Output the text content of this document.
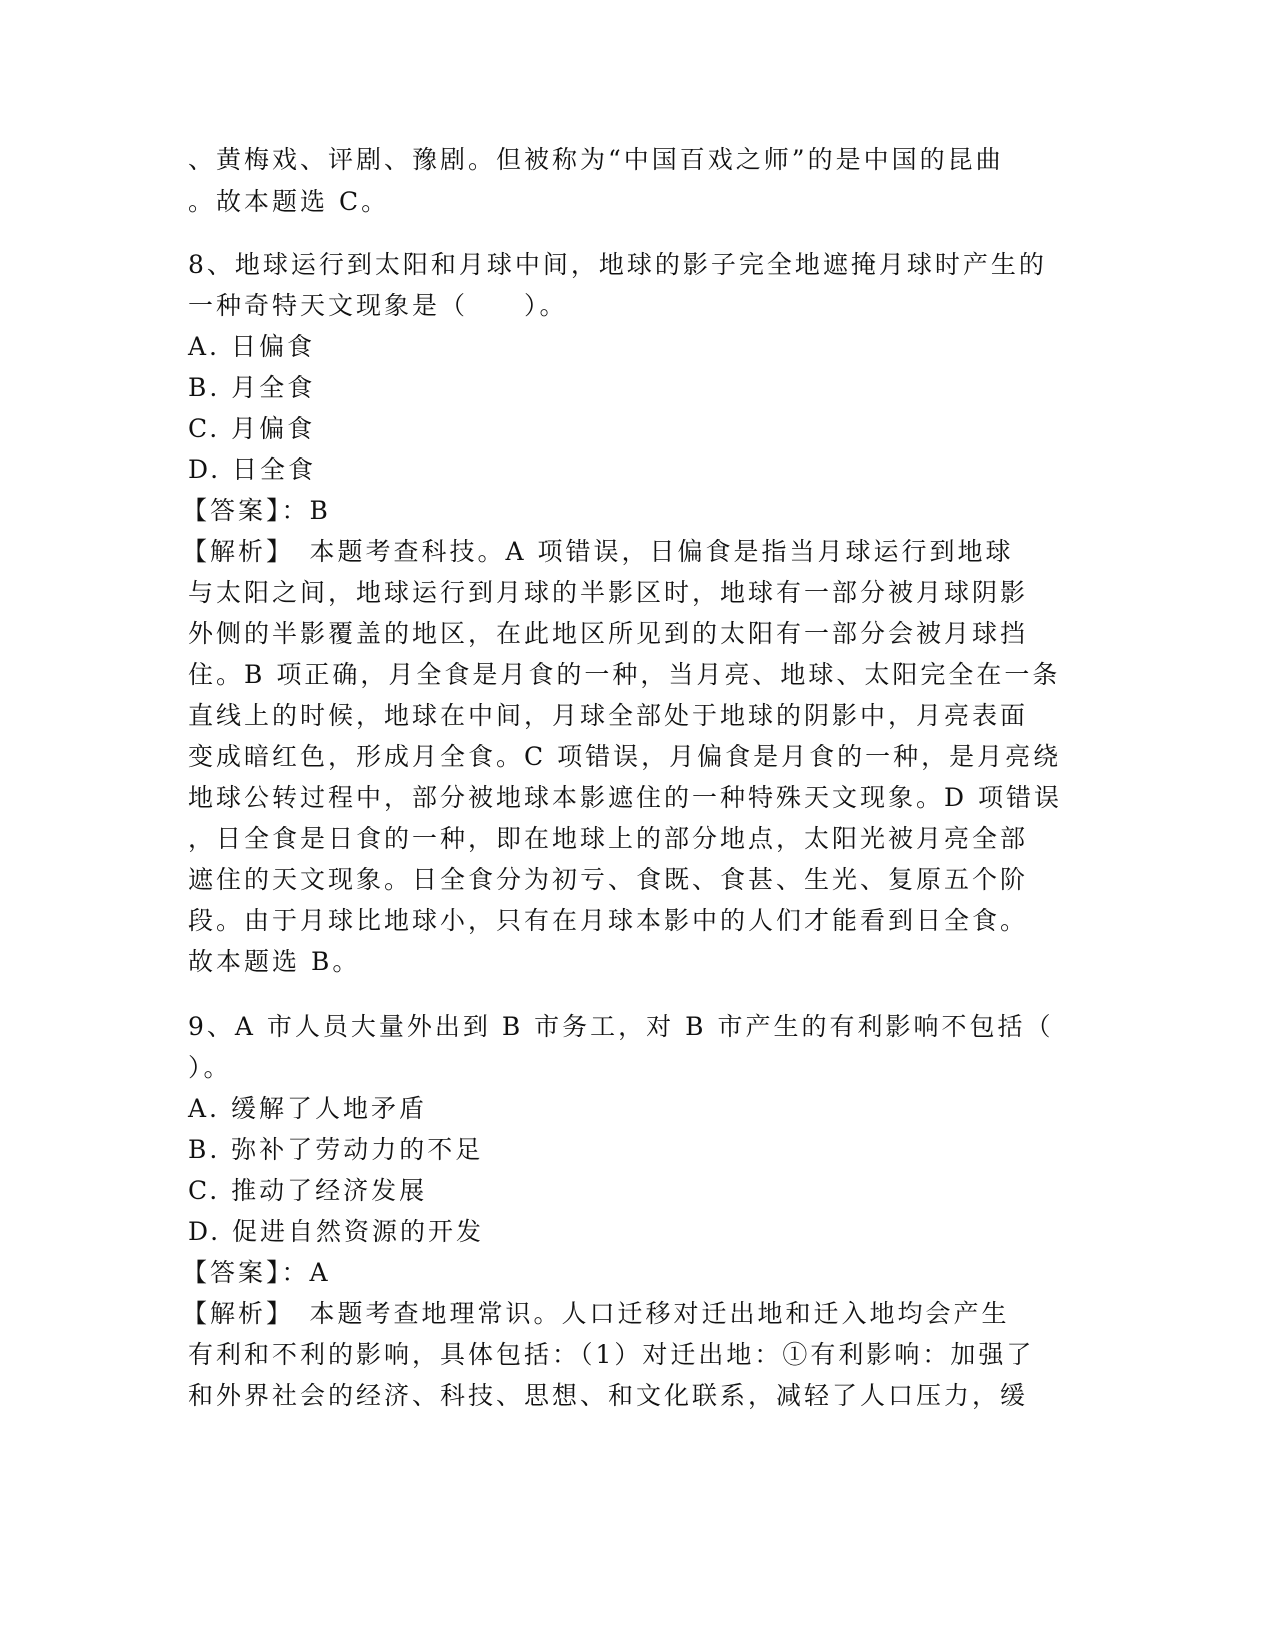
、黄梅戏、评剧、豫剧。但被称为“中国百戏之师”的是中国的昆曲
。故本题选 C。
8、地球运行到太阳和月球中间，地球的影子完全地遮掩月球时产生的
一种奇特天文现象是（　　）。
A. 日偏食
B. 月全食
C. 月偏食
D. 日全食
【答案】：B
【解析】　本题考查科技。A 项错误，日偏食是指当月球运行到地球
与太阳之间，地球运行到月球的半影区时，地球有一部分被月球阴影
外侧的半影覆盖的地区，在此地区所见到的太阳有一部分会被月球挡
住。B 项正确，月全食是月食的一种，当月亮、地球、太阳完全在一条
直线上的时候，地球在中间，月球全部处于地球的阴影中，月亮表面
变成暗红色，形成月全食。C 项错误，月偏食是月食的一种，是月亮绕
地球公转过程中，部分被地球本影遮住的一种特殊天文现象。D 项错误
，日全食是日食的一种，即在地球上的部分地点，太阳光被月亮全部
遮住的天文现象。日全食分为初亏、食既、食甚、生光、复原五个阶
段。由于月球比地球小，只有在月球本影中的人们才能看到日全食。
故本题选 B。
9、A 市人员大量外出到 B 市务工，对 B 市产生的有利影响不包括（
）。
A. 缓解了人地矛盾
B. 弥补了劳动力的不足
C. 推动了经济发展
D. 促进自然资源的开发
【答案】：A
【解析】　本题考查地理常识。人口迁移对迁出地和迁入地均会产生
有利和不利的影响，具体包括：（1）对迁出地：①有利影响：加强了
和外界社会的经济、科技、思想、和文化联系，减轻了人口压力，缓
